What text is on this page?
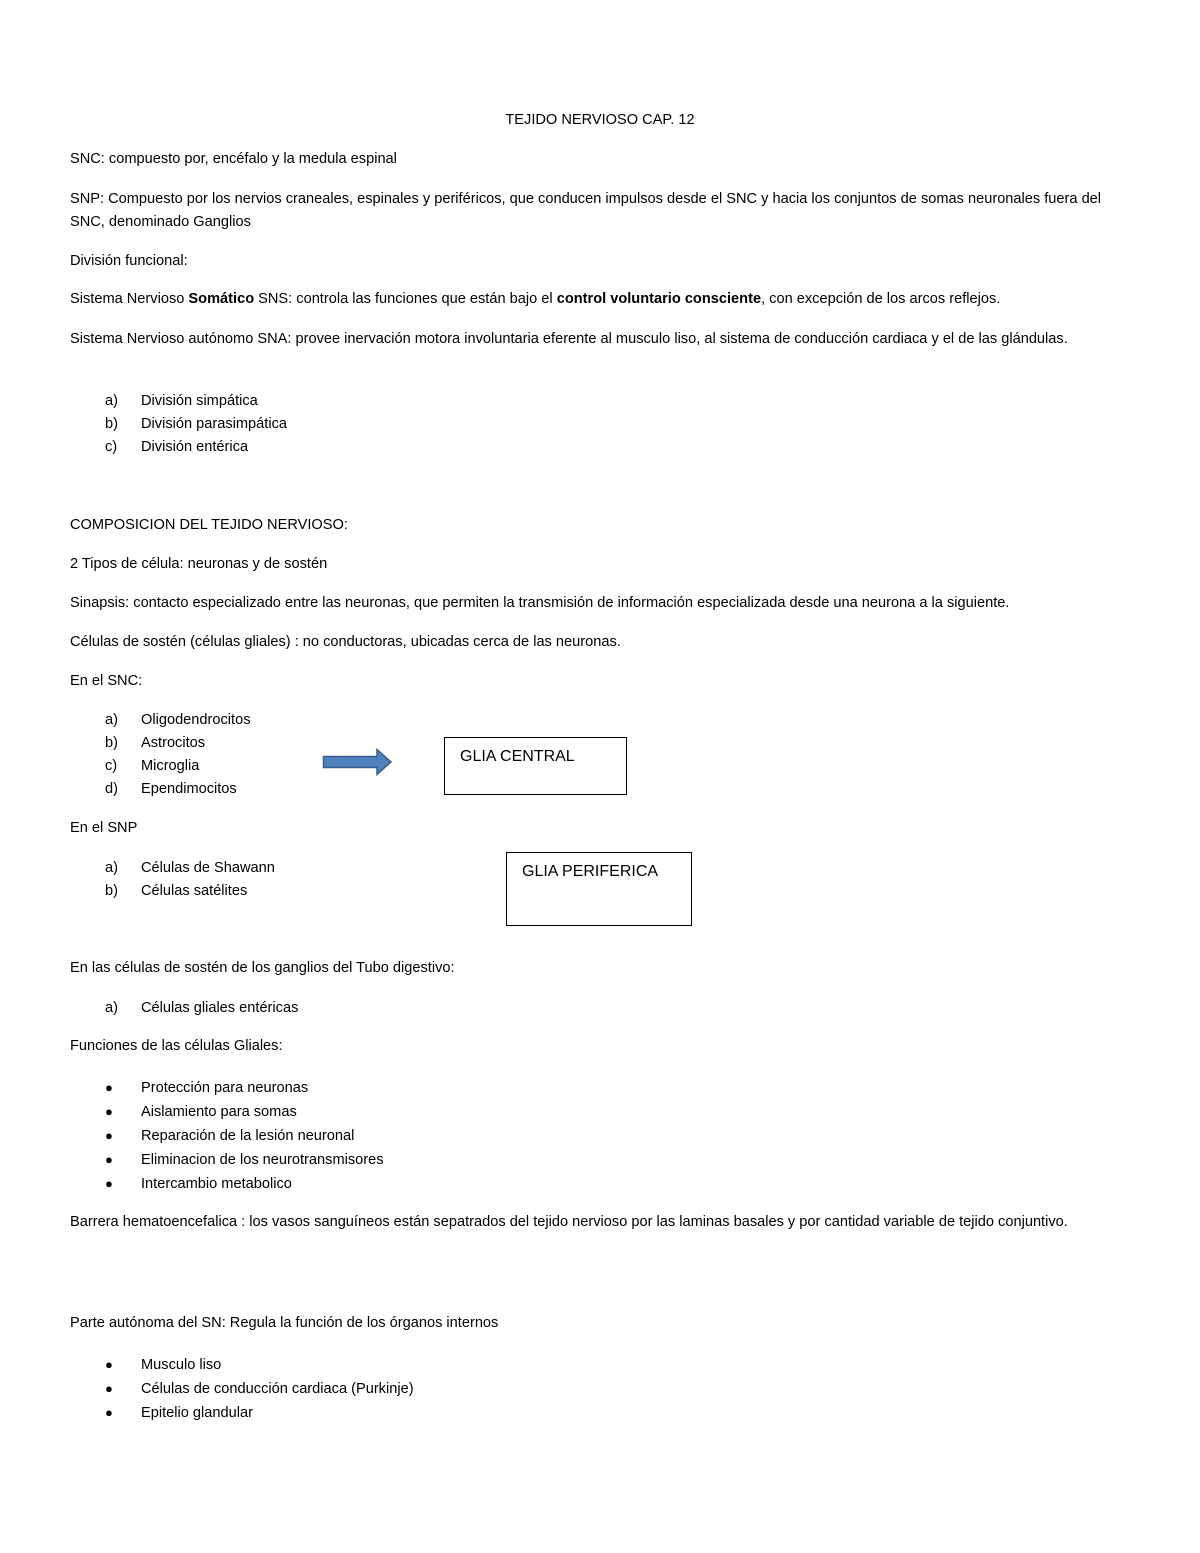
TEJIDO NERVIOSO CAP. 12
SNC: compuesto por, encéfalo y la medula espinal
SNP: Compuesto por los nervios craneales, espinales y periféricos, que conducen impulsos desde el SNC y hacia los conjuntos de somas neuronales fuera del SNC, denominado Ganglios
División funcional:
Sistema Nervioso Somático SNS: controla las funciones que están bajo el control voluntario consciente, con excepción de los arcos reflejos.
Sistema Nervioso autónomo SNA: provee inervación motora involuntaria eferente al musculo liso, al sistema de conducción cardiaca y el de las glándulas.
a) División simpática
b) División parasimpática
c) División entérica
COMPOSICION DEL TEJIDO NERVIOSO:
2 Tipos de célula: neuronas y de sostén
Sinapsis: contacto especializado entre las neuronas, que permiten la transmisión de información especializada desde una neurona a la siguiente.
Células de sostén (células gliales) : no conductoras, ubicadas cerca de las neuronas.
En el SNC:
a) Oligodendrocitos
b) Astrocitos
c) Microglia
d) Ependimocitos
GLIA CENTRAL
En el SNP
a) Células de Shawann
b) Células satélites
GLIA PERIFERICA
En las células de sostén de los ganglios del Tubo digestivo:
a) Células gliales entéricas
Funciones de las células Gliales:
● Protección para neuronas
● Aislamiento para somas
● Reparación de la lesión neuronal
● Eliminacion de los neurotransmisores
● Intercambio metabolico
Barrera hematoencefalica : los vasos sanguíneos están sepatrados del tejido nervioso por las laminas basales y por cantidad variable de tejido conjuntivo.
Parte autónoma del SN: Regula la función de los órganos internos
● Musculo liso
● Células de conducción cardiaca (Purkinje)
● Epitelio glandular
